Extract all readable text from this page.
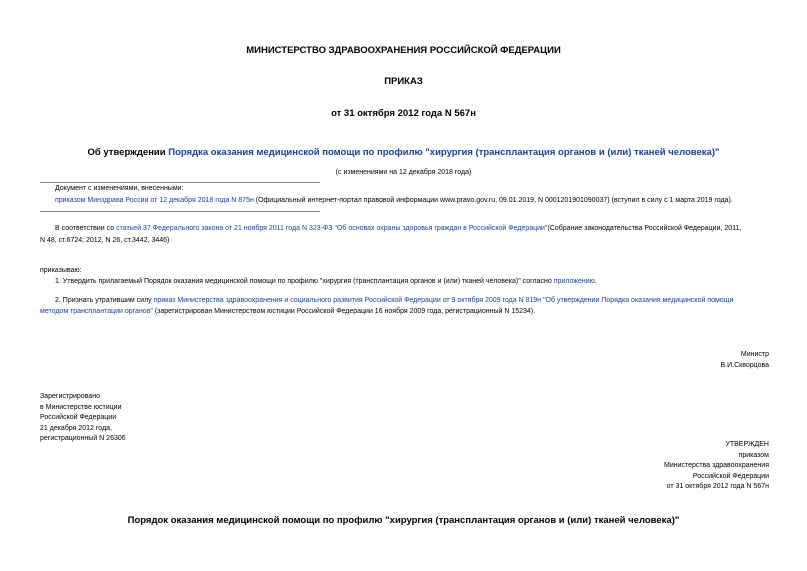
МИНИСТЕРСТВО ЗДРАВООХРАНЕНИЯ РОССИЙСКОЙ ФЕДЕРАЦИИ
ПРИКАЗ
от 31 октября 2012 года N 567н
Об утверждении Порядка оказания медицинской помощи по профилю "хирургия (трансплантация органов и (или) тканей человека)"
(с изменениями на 12 декабря 2018 года)
Документ с изменениями, внесенными:
приказом Минздрава России от 12 декабря 2018 года N 875н (Официальный интернет-портал правовой информации www.pravo.gov.ru, 09.01.2019, N 0001201901090037) (вступил в силу с 1 марта 2019 года).
В соответствии со статьей 37 Федерального закона от 21 ноября 2011 года N 323-ФЗ "Об основах охраны здоровья граждан в Российской Федерации"(Собрание законодательства Российской Федерации, 2011,
N 48, ст.6724; 2012, N 26, ст.3442, 3446)
приказываю:
1. Утвердить прилагаемый Порядок оказания медицинской помощи по профилю "хирургия (трансплантация органов и (или) тканей человека)" согласно приложению.
2. Признать утратившим силу приказ Министерства здравоохранения и социального развития Российской Федерации от 9 октября 2009 года N 819н "Об утверждении Порядка оказания медицинской помощи
методом трансплантации органов" (зарегистрирован Министерством юстиции Российской Федерации 16 ноября 2009 года, регистрационный N 15234).
Министр
В.И.Скворцова
Зарегистрировано
в Министерстве юстиции
Российской Федерации
21 декабря 2012 года,
регистрационный N 26306
УТВЕРЖДЕН
приказом
Министерства здравоохранения
Российской Федерации
от 31 октября 2012 года N 567н
Порядок оказания медицинской помощи по профилю "хирургия (трансплантация органов и (или) тканей человека)"
